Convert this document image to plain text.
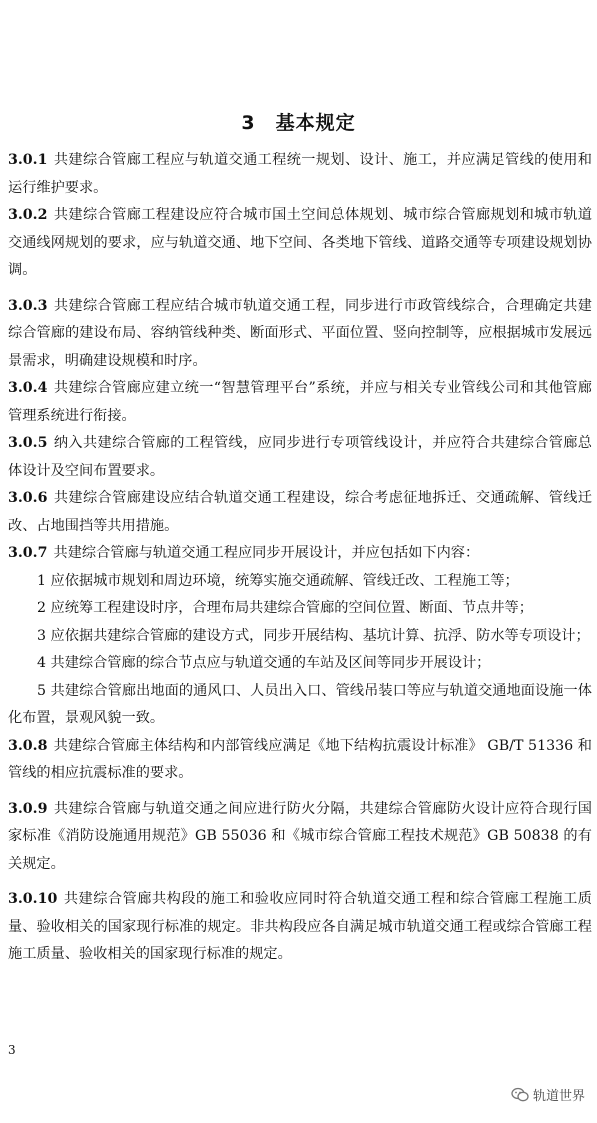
3　基本规定

3.0.1 共建综合管廊工程应与轨道交通工程统一规划、设计、施工，并应满足管线的使用和运行维护要求。

3.0.2 共建综合管廊工程建设应符合城市国土空间总体规划、城市综合管廊规划和城市轨道交通线网规划的要求，应与轨道交通、地下空间、各类地下管线、道路交通等专项建设规划协调。

3.0.3 共建综合管廊工程应结合城市轨道交通工程，同步进行市政管线综合，合理确定共建综合管廊的建设布局、容纳管线种类、断面形式、平面位置、竖向控制等，应根据城市发展远景需求，明确建设规模和时序。

3.0.4 共建综合管廊应建立统一“智慧管理平台”系统，并应与相关专业管线公司和其他管廊管理系统进行衔接。

3.0.5 纳入共建综合管廊的工程管线，应同步进行专项管线设计，并应符合共建综合管廊总体设计及空间布置要求。

3.0.6 共建综合管廊建设应结合轨道交通工程建设，综合考虑征地拆迁、交通疏解、管线迁改、占地围挡等共用措施。

3.0.7 共建综合管廊与轨道交通工程应同步开展设计，并应包括如下内容：

1 应依据城市规划和周边环境，统筹实施交通疏解、管线迁改、工程施工等；

2 应统筹工程建设时序，合理布局共建综合管廊的空间位置、断面、节点井等；

3 应依据共建综合管廊的建设方式，同步开展结构、基坑计算、抗浮、防水等专项设计；

4 共建综合管廊的综合节点应与轨道交通的车站及区间等同步开展设计；

5 共建综合管廊出地面的通风口、人员出入口、管线吊装口等应与轨道交通地面设施一体化布置，景观风貌一致。

3.0.8 共建综合管廊主体结构和内部管线应满足《地下结构抗震设计标准》 GB/T 51336 和管线的相应抗震标准的要求。

3.0.9 共建综合管廊与轨道交通之间应进行防火分隔，共建综合管廊防火设计应符合现行国家标准《消防设施通用规范》GB 55036 和《城市综合管廊工程技术规范》GB 50838 的有关规定。

3.0.10 共建综合管廊共构段的施工和验收应同时符合轨道交通工程和综合管廊工程施工质量、验收相关的国家现行标准的规定。非共构段应各自满足城市轨道交通工程或综合管廊工程施工质量、验收相关的国家现行标准的规定。

3
轨道世界
